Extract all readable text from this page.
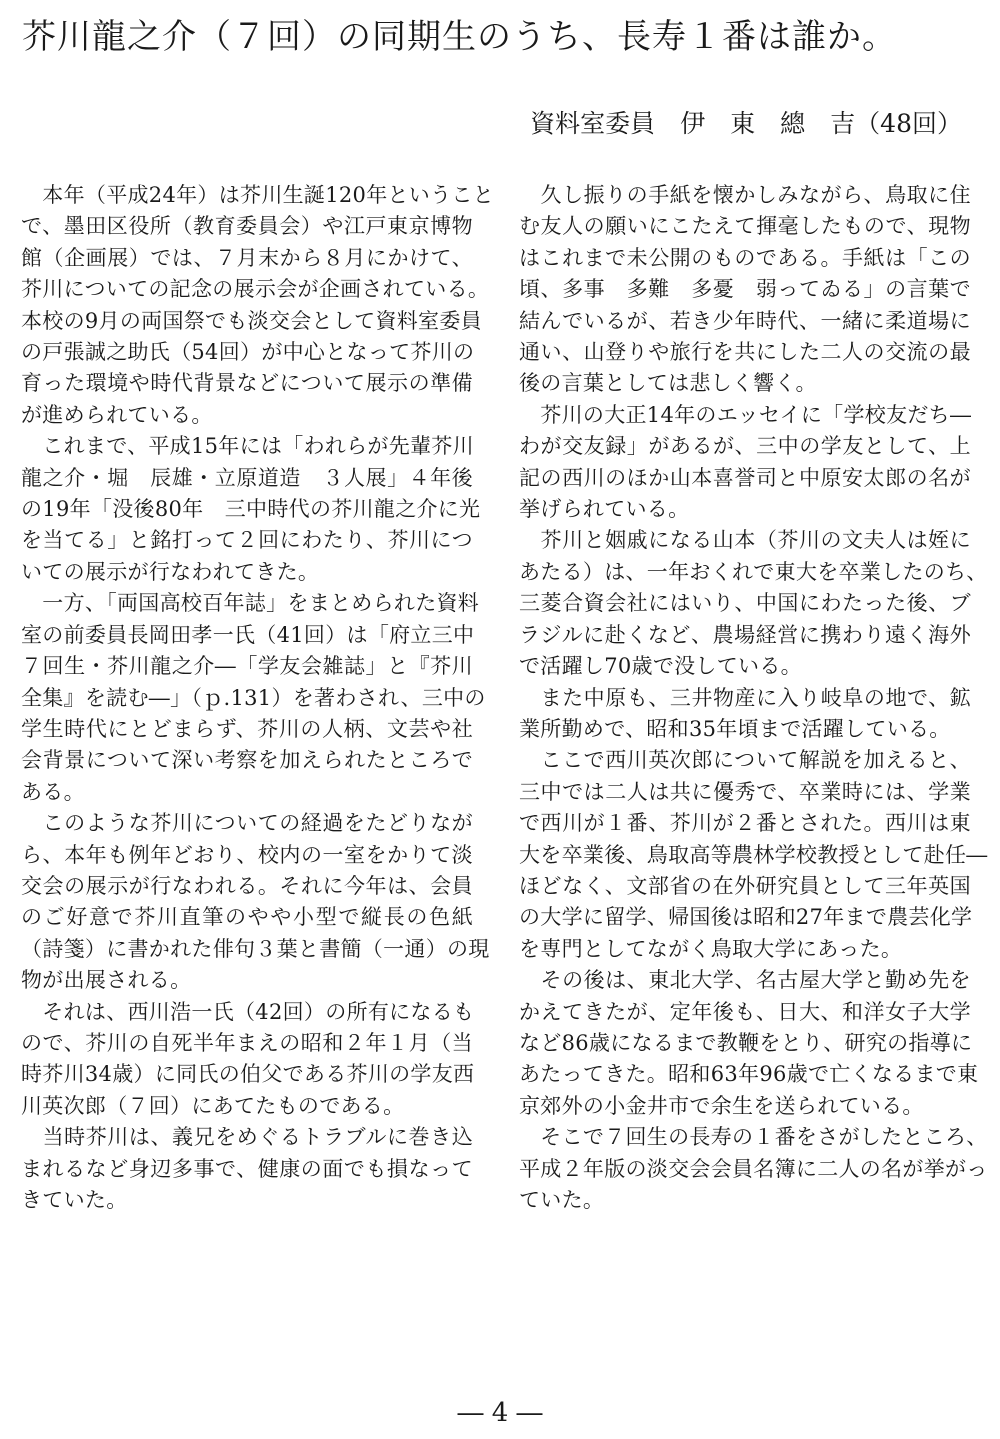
芥川龍之介（７回）の同期生のうち、長寿１番は誰か。

資料室委員　伊　東　總　吉（48回）

　本年（平成24年）は芥川生誕120年ということ
で、墨田区役所（教育委員会）や江戸東京博物
館（企画展）では、７月末から８月にかけて、
芥川についての記念の展示会が企画されている。
本校の9月の両国祭でも淡交会として資料室委員
の戸張誠之助氏（54回）が中心となって芥川の
育った環境や時代背景などについて展示の準備
が進められている。

　これまで、平成15年には「われらが先輩芥川
龍之介・堀　辰雄・立原道造　３人展」４年後
の19年「没後80年　三中時代の芥川龍之介に光
を当てる」と銘打って２回にわたり、芥川につ
いての展示が行なわれてきた。

　一方、「両国高校百年誌」をまとめられた資料
室の前委員長岡田孝一氏（41回）は「府立三中
７回生・芥川龍之介―「学友会雑誌」と『芥川
全集』を読む―」（ｐ.131）を著わされ、三中の
学生時代にとどまらず、芥川の人柄、文芸や社
会背景について深い考察を加えられたところで
ある。

　このような芥川についての経過をたどりなが
ら、本年も例年どおり、校内の一室をかりて淡
交会の展示が行なわれる。それに今年は、会員
のご好意で芥川直筆のやや小型で縦長の色紙
（詩箋）に書かれた俳句３葉と書簡（一通）の現
物が出展される。

　それは、西川浩一氏（42回）の所有になるも
ので、芥川の自死半年まえの昭和２年１月（当
時芥川34歳）に同氏の伯父である芥川の学友西
川英次郎（７回）にあてたものである。

　当時芥川は、義兄をめぐるトラブルに巻き込
まれるなど身辺多事で、健康の面でも損なって
きていた。

　久し振りの手紙を懐かしみながら、鳥取に住
む友人の願いにこたえて揮毫したもので、現物
はこれまで未公開のものである。手紙は「この
頃、多事　多難　多憂　弱ってゐる」の言葉で
結んでいるが、若き少年時代、一緒に柔道場に
通い、山登りや旅行を共にした二人の交流の最
後の言葉としては悲しく響く。

　芥川の大正14年のエッセイに「学校友だち―
わが交友録」があるが、三中の学友として、上
記の西川のほか山本喜誉司と中原安太郎の名が
挙げられている。

　芥川と姻戚になる山本（芥川の文夫人は姪に
あたる）は、一年おくれで東大を卒業したのち、
三菱合資会社にはいり、中国にわたった後、ブ
ラジルに赴くなど、農場経営に携わり遠く海外
で活躍し70歳で没している。

　また中原も、三井物産に入り岐阜の地で、鉱
業所勤めで、昭和35年頃まで活躍している。

　ここで西川英次郎について解説を加えると、
三中では二人は共に優秀で、卒業時には、学業
で西川が１番、芥川が２番とされた。西川は東
大を卒業後、鳥取高等農林学校教授として赴任―
ほどなく、文部省の在外研究員として三年英国
の大学に留学、帰国後は昭和27年まで農芸化学
を専門としてながく鳥取大学にあった。

　その後は、東北大学、名古屋大学と勤め先を
かえてきたが、定年後も、日大、和洋女子大学
など86歳になるまで教鞭をとり、研究の指導に
あたってきた。昭和63年96歳で亡くなるまで東
京郊外の小金井市で余生を送られている。

　そこで７回生の長寿の１番をさがしたところ、
平成２年版の淡交会会員名簿に二人の名が挙がっ
ていた。

― 4 ―
